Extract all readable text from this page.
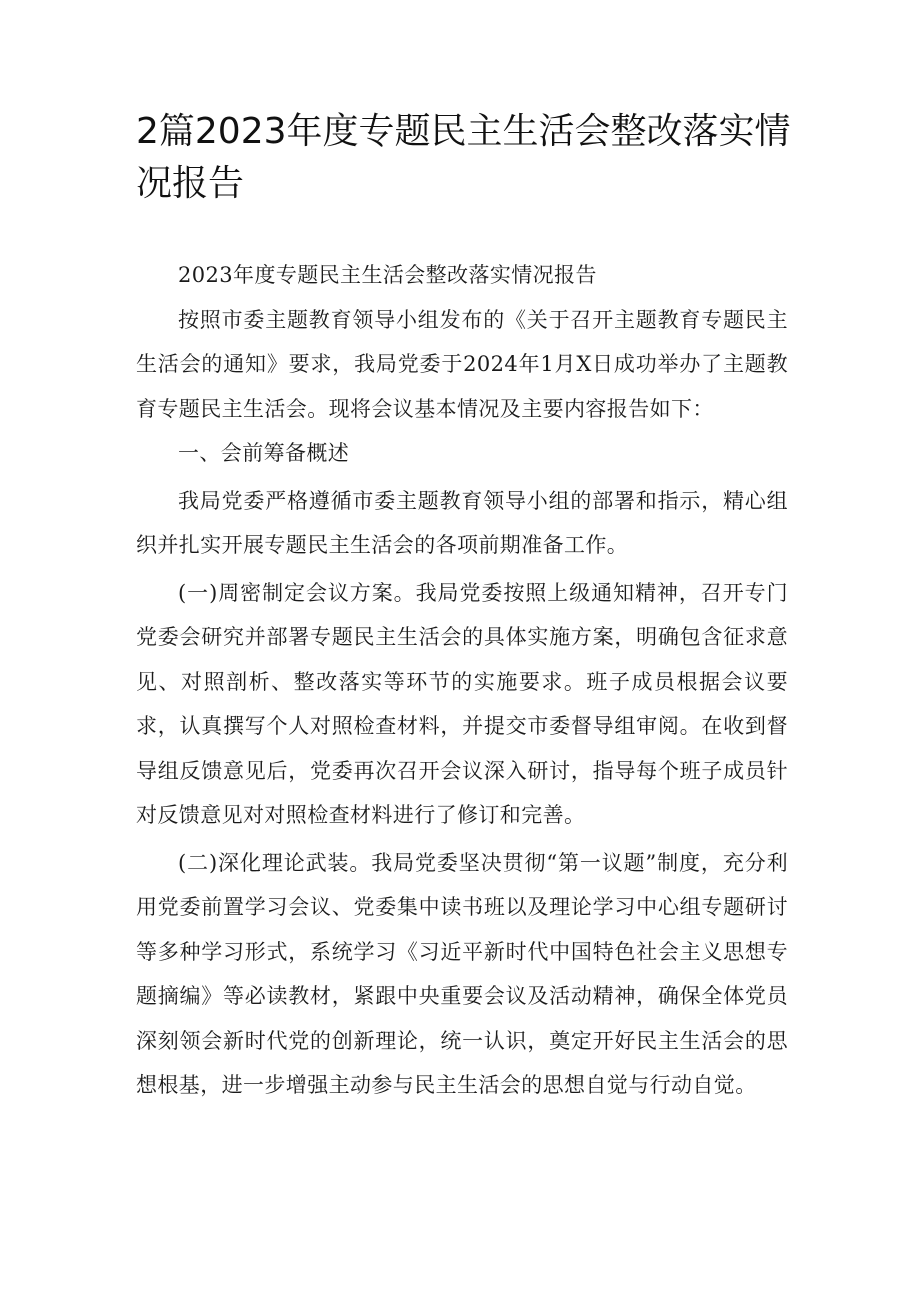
2篇2023年度专题民主生活会整改落实情况报告

2023年度专题民主生活会整改落实情况报告

按照市委主题教育领导小组发布的《关于召开主题教育专题民主生活会的通知》要求，我局党委于2024年1月X日成功举办了主题教育专题民主生活会。现将会议基本情况及主要内容报告如下：

一、会前筹备概述

我局党委严格遵循市委主题教育领导小组的部署和指示，精心组织并扎实开展专题民主生活会的各项前期准备工作。

(一)周密制定会议方案。我局党委按照上级通知精神，召开专门党委会研究并部署专题民主生活会的具体实施方案，明确包含征求意见、对照剖析、整改落实等环节的实施要求。班子成员根据会议要求，认真撰写个人对照检查材料，并提交市委督导组审阅。在收到督导组反馈意见后，党委再次召开会议深入研讨，指导每个班子成员针对反馈意见对对照检查材料进行了修订和完善。

(二)深化理论武装。我局党委坚决贯彻“第一议题”制度，充分利用党委前置学习会议、党委集中读书班以及理论学习中心组专题研讨等多种学习形式，系统学习《习近平新时代中国特色社会主义思想专题摘编》等必读教材，紧跟中央重要会议及活动精神，确保全体党员深刻领会新时代党的创新理论，统一认识，奠定开好民主生活会的思想根基，进一步增强主动参与民主生活会的思想自觉与行动自觉。
